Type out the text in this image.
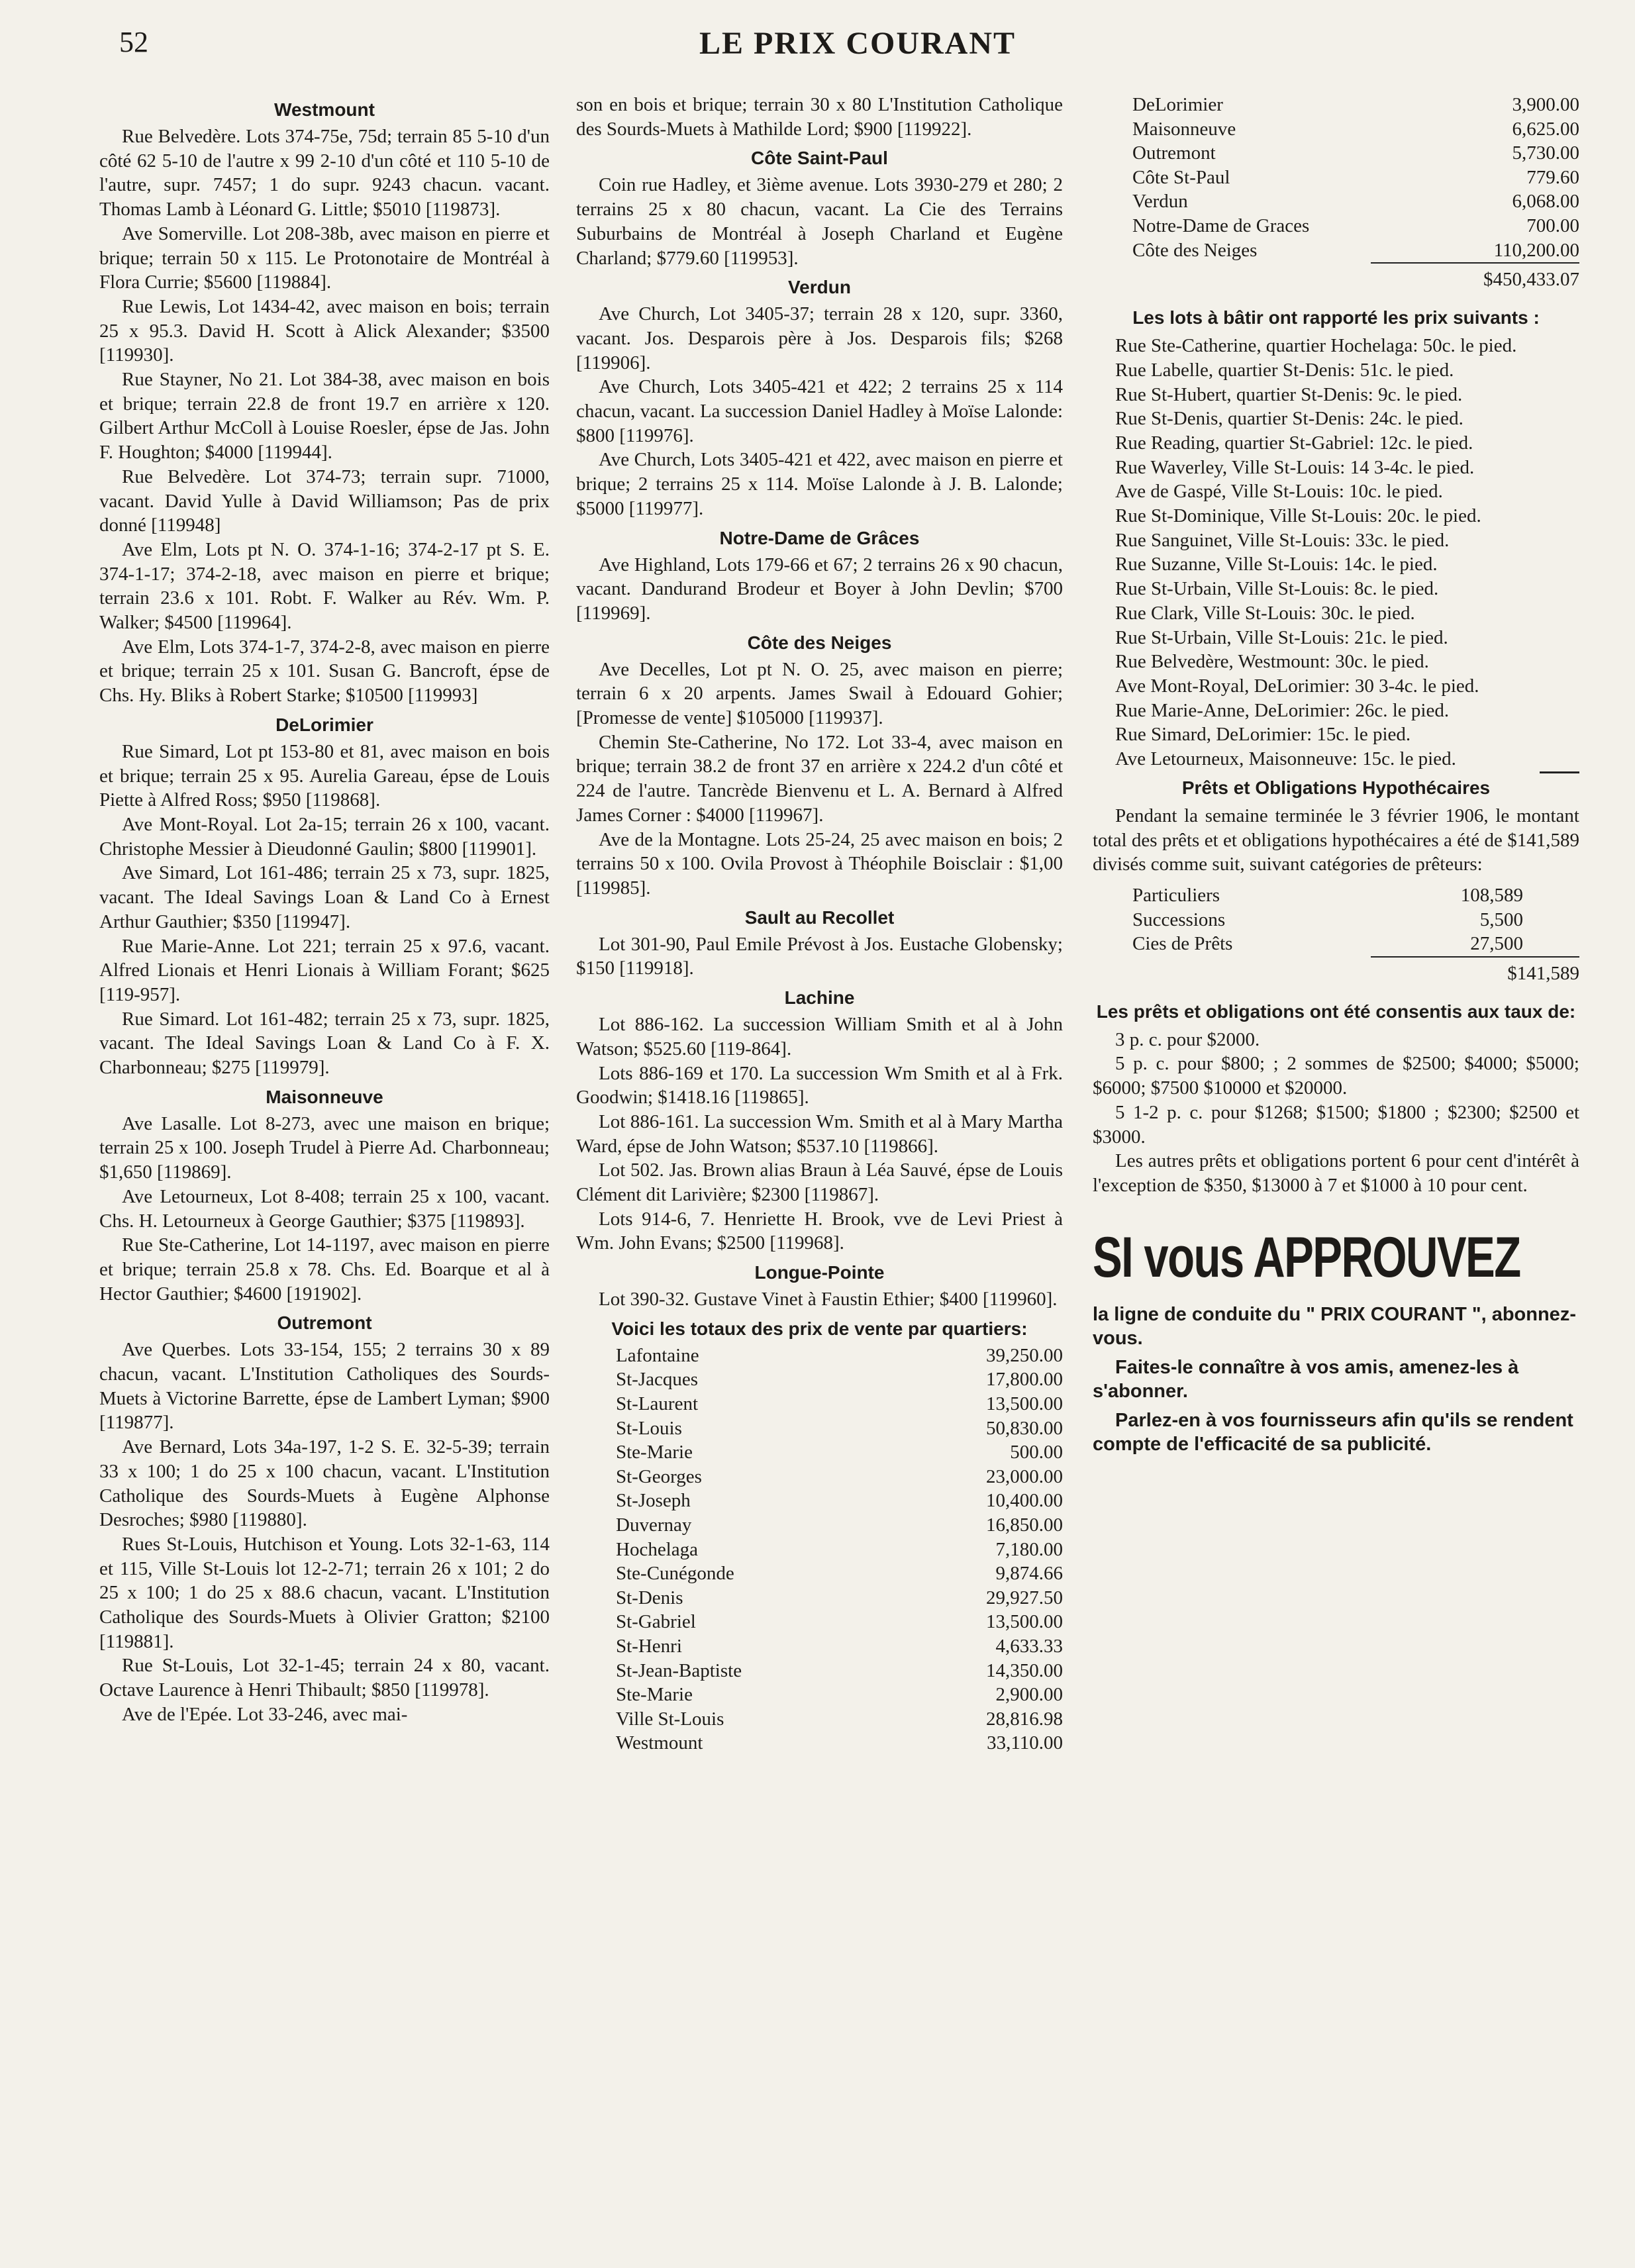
52	LE PRIX COURANT
Westmount

Rue Belvedère. Lots 374-75e, 75d; terrain 85 5-10 d'un côté 62 5-10 de l'autre x 99 2-10 d'un côté et 110 5-10 de l'autre, supr. 7457; 1 do supr. 9243 chacun. vacant. Thomas Lamb à Léonard G. Little; $5010 [119873].

Ave Somerville. Lot 208-38b, avec maison en pierre et brique; terrain 50 x 115. Le Protonotaire de Montréal à Flora Currie; $5600 [119884].

Rue Lewis, Lot 1434-42, avec maison en bois; terrain 25 x 95.3. David H. Scott à Alick Alexander; $3500 [119930].

Rue Stayner, No 21. Lot 384-38, avec maison en bois et brique; terrain 22.8 de front 19.7 en arrière x 120. Gilbert Arthur McColl à Louise Roesler, épse de Jas. John F. Houghton; $4000 [119944].

Rue Belvedère. Lot 374-73; terrain supr. 71000, vacant. David Yulle à David Williamson; Pas de prix donné [119948]

Ave Elm, Lots pt N. O. 374-1-16; 374-2-17 pt S. E. 374-1-17; 374-2-18, avec maison en pierre et brique; terrain 23.6 x 101. Robt. F. Walker au Rév. Wm. P. Walker; $4500 [119964].

Ave Elm, Lots 374-1-7, 374-2-8, avec maison en pierre et brique; terrain 25 x 101. Susan G. Bancroft, épse de Chs. Hy. Bliks à Robert Starke; $10500 [119993]

DeLorimier

Rue Simard, Lot pt 153-80 et 81, avec maison en bois et brique; terrain 25 x 95. Aurelia Gareau, épse de Louis Piette à Alfred Ross; $950 [119868].

Ave Mont-Royal. Lot 2a-15; terrain 26 x 100, vacant. Christophe Messier à Dieudonné Gaulin; $800 [119901].

Ave Simard, Lot 161-486; terrain 25 x 73, supr. 1825, vacant. The Ideal Savings Loan & Land Co à Ernest Arthur Gauthier; $350 [119947].

Rue Marie-Anne. Lot 221; terrain 25 x 97.6, vacant. Alfred Lionais et Henri Lionais à William Forant; $625 [119-957].

Rue Simard. Lot 161-482; terrain 25 x 73, supr. 1825, vacant. The Ideal Savings Loan & Land Co à F. X. Charbonneau; $275 [119979].

Maisonneuve

Ave Lasalle. Lot 8-273, avec une maison en brique; terrain 25 x 100. Joseph Trudel à Pierre Ad. Charbonneau; $1,650 [119869].

Ave Letourneux, Lot 8-408; terrain 25 x 100, vacant. Chs. H. Letourneux à George Gauthier; $375 [119893].

Rue Ste-Catherine, Lot 14-1197, avec maison en pierre et brique; terrain 25.8 x 78. Chs. Ed. Boarque et al à Hector Gauthier; $4600 [191902].

Outremont

Ave Querbes. Lots 33-154, 155; 2 terrains 30 x 89 chacun, vacant. L'Institution Catholiques des Sourds-Muets à Victorine Barrette, épse de Lambert Lyman; $900 [119877].

Ave Bernard, Lots 34a-197, 1-2 S. E. 32-5-39; terrain 33 x 100; 1 do 25 x 100 chacun, vacant. L'Institution Catholique des Sourds-Muets à Eugène Alphonse Desroches; $980 [119880].

Rues St-Louis, Hutchison et Young. Lots 32-1-63, 114 et 115, Ville St-Louis lot 12-2-71; terrain 26 x 101; 2 do 25 x 100; 1 do 25 x 88.6 chacun, vacant. L'Institution Catholique des Sourds-Muets à Olivier Gratton; $2100 [119881].

Rue St-Louis, Lot 32-1-45; terrain 24 x 80, vacant. Octave Laurence à Henri Thibault; $850 [119978].

Ave de l'Epée. Lot 33-246, avec mai-

son en bois et brique; terrain 30 x 80 L'Institution Catholique des Sourds-Muets à Mathilde Lord; $900 [119922].

Côte Saint-Paul

Coin rue Hadley, et 3ième avenue. Lots 3930-279 et 280; 2 terrains 25 x 80 chacun, vacant. La Cie des Terrains Suburbains de Montréal à Joseph Charland et Eugène Charland; $779.60 [119953].

Verdun

Ave Church, Lot 3405-37; terrain 28 x 120, supr. 3360, vacant. Jos. Desparois père à Jos. Desparois fils; $268 [119906].

Ave Church, Lots 3405-421 et 422; 2 terrains 25 x 114 chacun, vacant. La succession Daniel Hadley à Moïse Lalonde: $800 [119976].

Ave Church, Lots 3405-421 et 422, avec maison en pierre et brique; 2 terrains 25 x 114. Moïse Lalonde à J. B. Lalonde; $5000 [119977].

Notre-Dame de Grâces

Ave Highland, Lots 179-66 et 67; 2 terrains 26 x 90 chacun, vacant. Dandurand Brodeur et Boyer à John Devlin; $700 [119969].

Côte des Neiges

Ave Decelles, Lot pt N. O. 25, avec maison en pierre; terrain 6 x 20 arpents. James Swail à Edouard Gohier; [Promesse de vente] $105000 [119937].

Chemin Ste-Catherine, No 172. Lot 33-4, avec maison en brique; terrain 38.2 de front 37 en arrière x 224.2 d'un côté et 224 de l'autre. Tancrède Bienvenu et L. A. Bernard à Alfred James Corner : $4000 [119967].

Ave de la Montagne. Lots 25-24, 25 avec maison en bois; 2 terrains 50 x 100. Ovila Provost à Théophile Boisclair : $1,00 [119985].

Sault au Recollet

Lot 301-90, Paul Emile Prévost à Jos. Eustache Globensky; $150 [119918].

Lachine

Lot 886-162. La succession William Smith et al à John Watson; $525.60 [119-864].

Lots 886-169 et 170. La succession Wm Smith et al à Frk. Goodwin; $1418.16 [119865].

Lot 886-161. La succession Wm. Smith et al à Mary Martha Ward, épse de John Watson; $537.10 [119866].

Lot 502. Jas. Brown alias Braun à Léa Sauvé, épse de Louis Clément dit Larivière; $2300 [119867].

Lots 914-6, 7. Henriette H. Brook, vve de Levi Priest à Wm. John Evans; $2500 [119968].

Longue-Pointe

Lot 390-32. Gustave Vinet à Faustin Ethier; $400 [119960].

Voici les totaux des prix de vente par quartiers:
Lafontaine	39,250.00
St-Jacques	17,800.00
St-Laurent	13,500.00
St-Louis	50,830.00
Ste-Marie	500.00
St-Georges	23,000.00
St-Joseph	10,400.00
Duvernay	16,850.00
Hochelaga	7,180.00
Ste-Cunégonde	9,874.66
St-Denis	29,927.50
St-Gabriel	13,500.00
St-Henri	4,633.33
St-Jean-Baptiste	14,350.00
Ste-Marie	2,900.00
Ville St-Louis	28,816.98
Westmount	33,110.00
DeLorimier	3,900.00
Maisonneuve	6,625.00
Outremont	5,730.00
Côte St-Paul	779.60
Verdun	6,068.00
Notre-Dame de Graces	700.00
Côte des Neiges	110,200.00
$450,433.07
Les lots à bâtir ont rapporté les prix suivants :

Rue Ste-Catherine, quartier Hochelaga: 50c. le pied.

Rue Labelle, quartier St-Denis: 51c. le pied.

Rue St-Hubert, quartier St-Denis: 9c. le pied.

Rue St-Denis, quartier St-Denis: 24c. le pied.

Rue Reading, quartier St-Gabriel: 12c. le pied.

Rue Waverley, Ville St-Louis: 14 3-4c. le pied.

Ave de Gaspé, Ville St-Louis: 10c. le pied.

Rue St-Dominique, Ville St-Louis: 20c. le pied.

Rue Sanguinet, Ville St-Louis: 33c. le pied.

Rue Suzanne, Ville St-Louis: 14c. le pied.

Rue St-Urbain, Ville St-Louis: 8c. le pied.

Rue Clark, Ville St-Louis: 30c. le pied.

Rue St-Urbain, Ville St-Louis: 21c. le pied.

Rue Belvedère, Westmount: 30c. le pied.

Ave Mont-Royal, DeLorimier: 30 3-4c. le pied.

Rue Marie-Anne, DeLorimier: 26c. le pied.

Rue Simard, DeLorimier: 15c. le pied.

Ave Letourneux, Maisonneuve: 15c. le pied.

Prêts et Obligations Hypothécaires

Pendant la semaine terminée le 3 février 1906, le montant total des prêts et et obligations hypothécaires a été de $141,589 divisés comme suit, suivant catégories de prêteurs:

Particuliers	108,589
Successions	5,500
Cies de Prêts	27,500
$141,589
Les prêts et obligations ont été consentis aux taux de:

3 p. c. pour $2000.

5 p. c. pour $800; ; 2 sommes de $2500; $4000; $5000; $6000; $7500 $10000 et $20000.

5 1-2 p. c. pour $1268; $1500; $1800 ; $2300; $2500 et $3000.

Les autres prêts et obligations portent 6 pour cent d'intérêt à l'exception de $350, $13000 à 7 et $1000 à 10 pour cent.

SI vous APPROUVEZ

la ligne de conduite du " PRIX COURANT ", abonnez-vous.

Faites-le connaître à vos amis, amenez-les à s'abonner.

Parlez-en à vos fournisseurs afin qu'ils se rendent compte de l'efficacité de sa publicité.
